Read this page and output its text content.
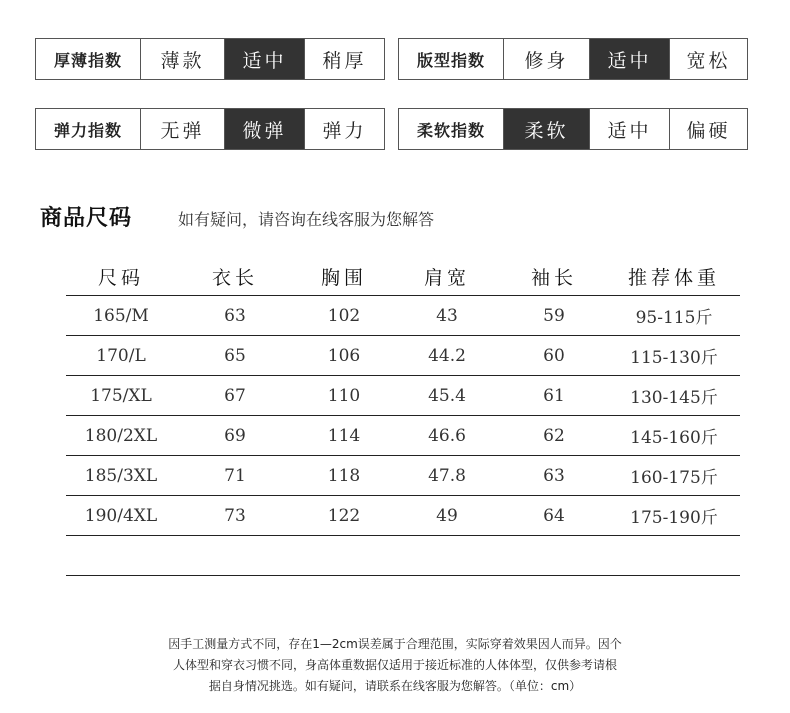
厚薄指数	薄款	适中	稍厚	版型指数	修身	适中	宽松
弹力指数	无弹	微弹	弹力	柔软指数	柔软	适中	偏硬
商品尺码	如有疑问，请咨询在线客服为您解答
尺码	衣长	胸围	肩宽	袖长	推荐体重
165/M	63	102	43	59	95-115斤
170/L	65	106	44.2	60	115-130斤
175/XL	67	110	45.4	61	130-145斤
180/2XL	69	114	46.6	62	145-160斤
185/3XL	71	118	47.8	63	160-175斤
190/4XL	73	122	49	64	175-190斤
因手工测量方式不同，存在1—2cm误差属于合理范围，实际穿着效果因人而异。因个
人体型和穿衣习惯不同，身高体重数据仅适用于接近标准的人体体型，仅供参考请根
据自身情况挑选。如有疑问，请联系在线客服为您解答。（单位：cm）
